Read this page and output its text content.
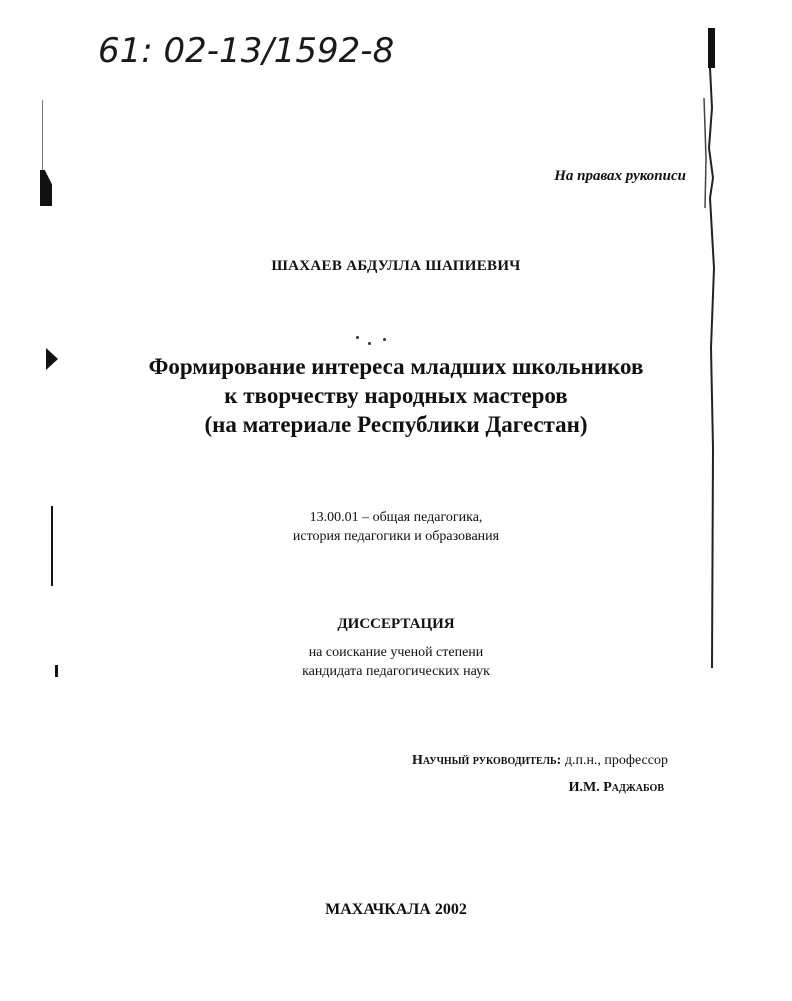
61: 02-13/1592-8
На правах рукописи
ШАХАЕВ АБДУЛЛА ШАПИЕВИЧ
Формирование интереса младших школьников
к творчеству народных мастеров
(на материале Республики Дагестан)
13.00.01 – общая педагогика,
история педагогики и образования
ДИССЕРТАЦИЯ
на соискание ученой степени
кандидата педагогических наук
Научный руководитель: д.п.н., профессор
И.М. Раджабов
МАХАЧКАЛА 2002
